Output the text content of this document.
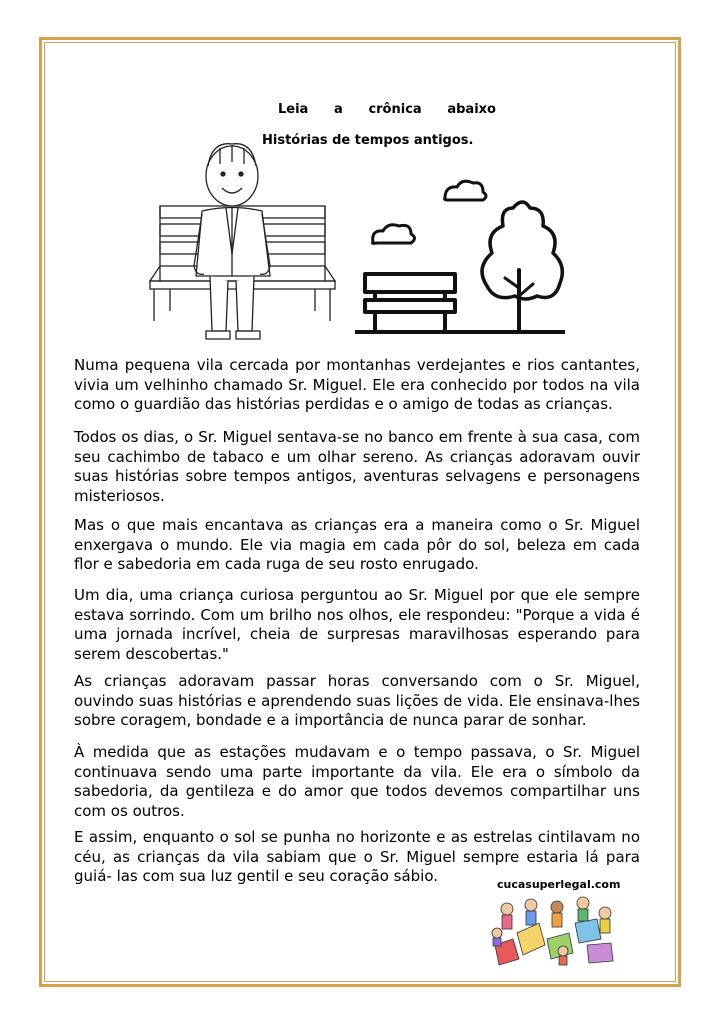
Leia a crônica abaixo
Histórias de tempos antigos.

Numa pequena vila cercada por montanhas verdejantes e rios cantantes, vivia um velhinho chamado Sr. Miguel. Ele era conhecido por todos na vila como o guardião das histórias perdidas e o amigo de todas as crianças.

Todos os dias, o Sr. Miguel sentava-se no banco em frente à sua casa, com seu cachimbo de tabaco e um olhar sereno. As crianças adoravam ouvir suas histórias sobre tempos antigos, aventuras selvagens e personagens misteriosos.

Mas o que mais encantava as crianças era a maneira como o Sr. Miguel enxergava o mundo. Ele via magia em cada pôr do sol, beleza em cada flor e sabedoria em cada ruga de seu rosto enrugado.

Um dia, uma criança curiosa perguntou ao Sr. Miguel por que ele sempre estava sorrindo. Com um brilho nos olhos, ele respondeu: "Porque a vida é uma jornada incrível, cheia de surpresas maravilhosas esperando para serem descobertas."

As crianças adoravam passar horas conversando com o Sr. Miguel, ouvindo suas histórias e aprendendo suas lições de vida. Ele ensinava-lhes sobre coragem, bondade e a importância de nunca parar de sonhar.

À medida que as estações mudavam e o tempo passava, o Sr. Miguel continuava sendo uma parte importante da vila. Ele era o símbolo da sabedoria, da gentileza e do amor que todos devemos compartilhar uns com os outros.

E assim, enquanto o sol se punha no horizonte e as estrelas cintilavam no céu, as crianças da vila sabiam que o Sr. Miguel sempre estaria lá para guiá- las com sua luz gentil e seu coração sábio.	cucasuperlegal.com
